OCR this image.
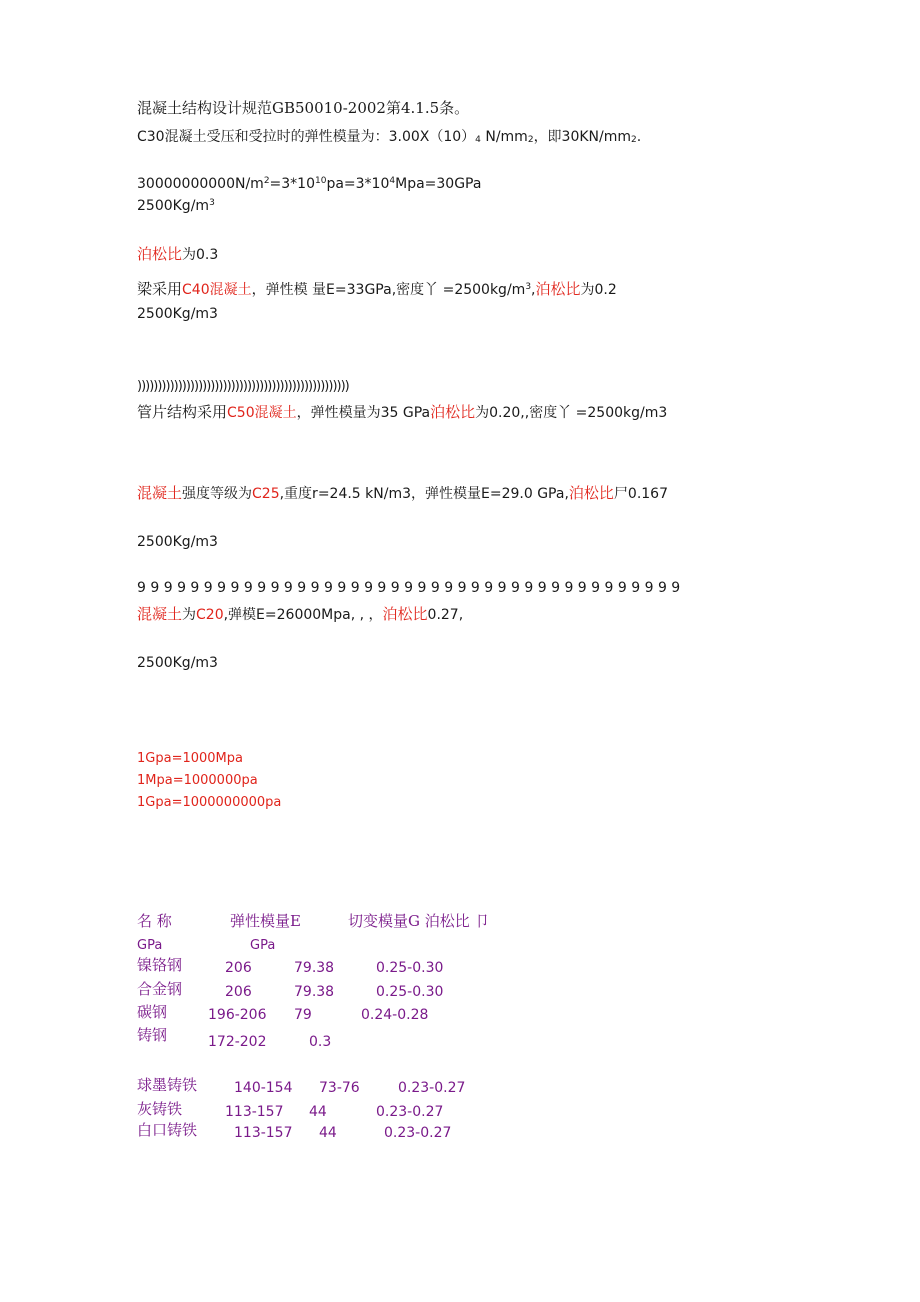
混凝土结构设计规范GB50010-2002第4.1.5条。
C30混凝土受压和受拉时的弹性模量为：$3.00X(10)_4$ $N/mm_2$，即$30KN/mm_2$.
$30000000000N/m^2=3*10^{10}pa=3*10^4Mpa=30GPa$
$2500Kg/m^3$
泊松比为0.3
梁采用C40混凝土，弹性模 量E=33GPa,密度丫 $=2500kg/m^3$,泊松比为0.2
2500Kg/m3
))))))))))))))))))))))))))))))))))))))))))))))))))))
管片结构采用C50混凝土，弹性模量为35 GPa泊松比为0.20,,密度丫 =2500kg/m3
混凝土强度等级为C25,重度r=24.5 kN/m3，弹性模量E=29.0 GPa,泊松比尸0.167
2500Kg/m3
9 9 9 9 9 9 9 9 9 9 9 9 9 9 9 9 9 9 9 9 9 9 9 9 9 9 9 9 9 9 9 9 9 9 9 9 9 9 9 9 9
混凝土为C20,弹模E=26000Mpa, , ，泊松比0.27,
2500Kg/m3
1Gpa=1000Mpa
1Mpa=1000000pa
1Gpa=1000000000pa
名 称	弹性模量E	切变模量G 泊松比 卩
GPa	GPa
镍铬钢	206	79.38	0.25-0.30
合金钢	206	79.38	0.25-0.30
碳钢	196-206 79	0.24-0.28
铸钢	172-202	0.3
球墨铸铁	140-154 73-76	0.23-0.27
灰铸铁	113-157 44	0.23-0.27
白口铸铁	113-157 44	0.23-0.27
